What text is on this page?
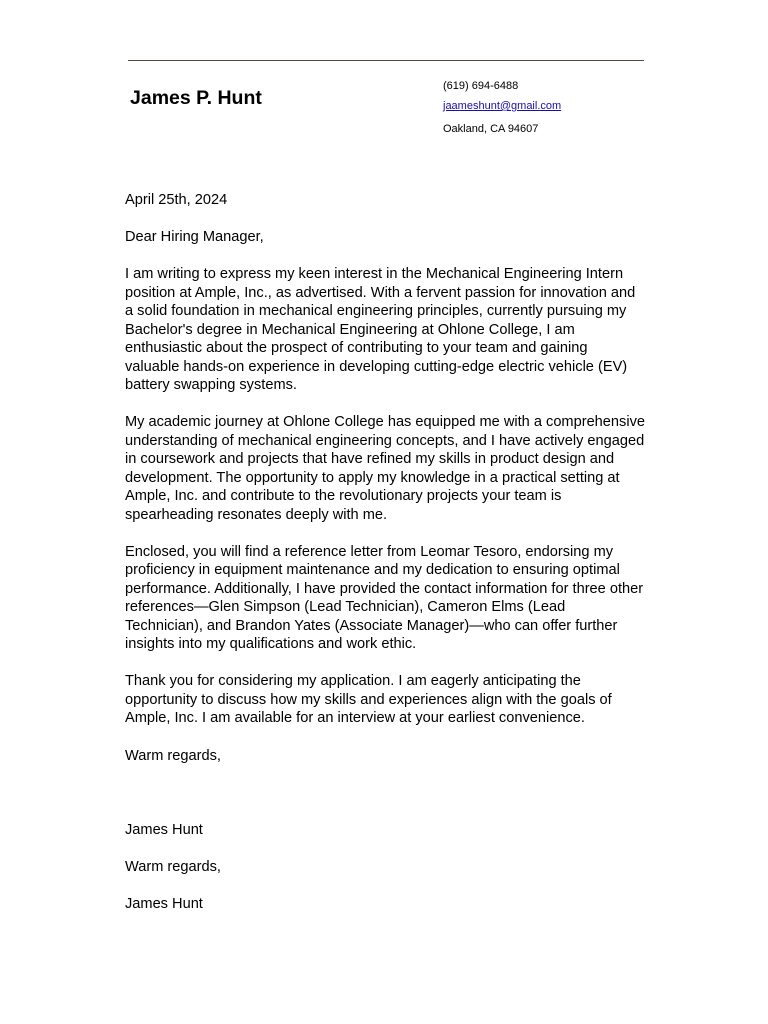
James P. Hunt
(619) 694-6488
jaameshunt@gmail.com
Oakland, CA 94607

April 25th, 2024

Dear Hiring Manager,

I am writing to express my keen interest in the Mechanical Engineering Intern position at Ample, Inc., as advertised. With a fervent passion for innovation and a solid foundation in mechanical engineering principles, currently pursuing my Bachelor's degree in Mechanical Engineering at Ohlone College, I am enthusiastic about the prospect of contributing to your team and gaining valuable hands-on experience in developing cutting-edge electric vehicle (EV) battery swapping systems.

My academic journey at Ohlone College has equipped me with a comprehensive understanding of mechanical engineering concepts, and I have actively engaged in coursework and projects that have refined my skills in product design and development. The opportunity to apply my knowledge in a practical setting at Ample, Inc. and contribute to the revolutionary projects your team is spearheading resonates deeply with me.

Enclosed, you will find a reference letter from Leomar Tesoro, endorsing my proficiency in equipment maintenance and my dedication to ensuring optimal performance. Additionally, I have provided the contact information for three other references—Glen Simpson (Lead Technician), Cameron Elms (Lead Technician), and Brandon Yates (Associate Manager)—who can offer further insights into my qualifications and work ethic.

Thank you for considering my application. I am eagerly anticipating the opportunity to discuss how my skills and experiences align with the goals of Ample, Inc. I am available for an interview at your earliest convenience.

Warm regards,

James Hunt

Warm regards,

James Hunt
